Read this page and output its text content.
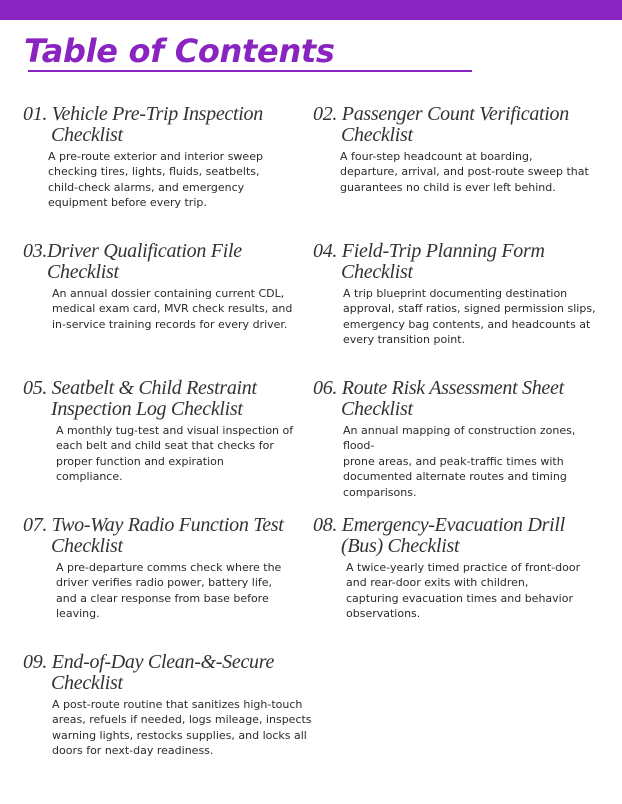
Table of Contents
01. Vehicle Pre-Trip Inspection
Checklist
A pre-route exterior and interior sweep
checking tires, lights, fluids, seatbelts,
child-check alarms, and emergency
equipment before every trip.
02. Passenger Count Verification
Checklist
A four-step headcount at boarding,
departure, arrival, and post-route sweep that
guarantees no child is ever left behind.
03.Driver Qualification File
Checklist
An annual dossier containing current CDL,
medical exam card, MVR check results, and
in-service training records for every driver.
04. Field-Trip Planning Form
Checklist
A trip blueprint documenting destination
approval, staff ratios, signed permission slips,
emergency bag contents, and headcounts at
every transition point.
05. Seatbelt & Child Restraint
Inspection Log Checklist
A monthly tug-test and visual inspection of
each belt and child seat that checks for
proper function and expiration
compliance.
06. Route Risk Assessment Sheet
Checklist
An annual mapping of construction zones, flood-
prone areas, and peak-traffic times with
documented alternate routes and timing
comparisons.
07. Two-Way Radio Function Test
Checklist
A pre-departure comms check where the
driver verifies radio power, battery life,
and a clear response from base before
leaving.
08. Emergency-Evacuation Drill
(Bus) Checklist
A twice-yearly timed practice of front-door
and rear-door exits with children,
capturing evacuation times and behavior
observations.
09. End-of-Day Clean-&-Secure
Checklist
A post-route routine that sanitizes high-touch
areas, refuels if needed, logs mileage, inspects
warning lights, restocks supplies, and locks all
doors for next-day readiness.
